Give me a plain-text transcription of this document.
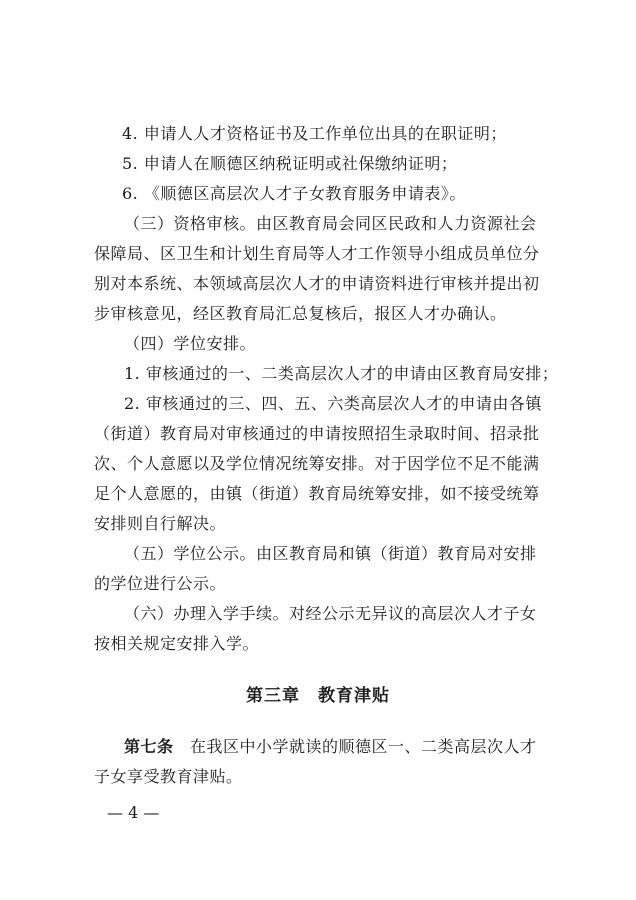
4. 申请人人才资格证书及工作单位出具的在职证明；
5. 申请人在顺德区纳税证明或社保缴纳证明；
6. 《顺德区高层次人才子女教育服务申请表》。
（三）资格审核。由区教育局会同区民政和人力资源社会
保障局、区卫生和计划生育局等人才工作领导小组成员单位分
别对本系统、本领域高层次人才的申请资料进行审核并提出初
步审核意见，经区教育局汇总复核后，报区人才办确认。
（四）学位安排。
1. 审核通过的一、二类高层次人才的申请由区教育局安排；
2. 审核通过的三、四、五、六类高层次人才的申请由各镇
（街道）教育局对审核通过的申请按照招生录取时间、招录批
次、个人意愿以及学位情况统筹安排。对于因学位不足不能满
足个人意愿的，由镇（街道）教育局统筹安排，如不接受统筹
安排则自行解决。
（五）学位公示。由区教育局和镇（街道）教育局对安排
的学位进行公示。
（六）办理入学手续。对经公示无异议的高层次人才子女
按相关规定安排入学。
第三章　教育津贴
第七条　在我区中小学就读的顺德区一、二类高层次人才
子女享受教育津贴。
— 4 —
